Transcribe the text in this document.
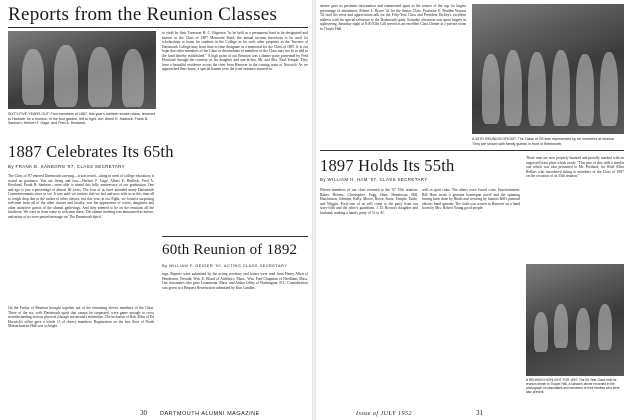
Reports from the Reunion Classes
SIXTY-FIVE YEARS OUT: Four members of 1887, this year's earliest reunion class, returned to Hanover for a reunion. In the four garden, left to right, are: Albert E. Hadlock, Frank B. Sanborn, Herbert F. Gage, and Fred A. Howland.
1887 Celebrates Its 65th
By FRANK B. SANBORN '87, CLASS SECRETARY

The Class of '87 entered Dartmouth carrying—it was noted—along in need of college education; it sound no guidance. You are living and four—Herbert F. Gage, Albert E. Hadlock, Fred A. Howland, Frank B. Sanborn—were able to attend this fully anniversary of our graduation. One and ago is just a percentage of almost 60 years. The four of us have attended many Dartmouth Commencements since in vet. It was until we confess that we had and now with us at this time all to weigh drop due to the racket of other classes, but this year, at our Eight, we found a surprising welcome from all of the other classes and faculty, was the appearance of wives, daughters and other attractive guests of the alumni gatherings. And they seemed to be on the reunions all the luncheon. We were in from some to welcome these. The alumni meeting was announced as before, and many of us were passed message on 'The Dartmouth Spirit.'

to yield by their Treasurer H. C. Edgerton "to be held as a permanent fund to be designated and known as the Class of 1887 Memorial Fund, the annual income therefrom to be used for scholarships or loans for students in the College as for such other purposes as the Trustees of Dartmouth College may from time to time designate as a memorial for the Class of 1887. It is our hope that other members of the Class or descendants of members of the Class may see fit to add to the fund thereby established." A high point of our Reunion was a dinner party presented by Fred Howland through the courtesy of his daughter and son-in-law, Mr. and Mrs. Paul Temple. They have a beautiful residence across the river from Hanover in the coming town of Norwich. As we approached their home, a special banner over the front entrance assured us.

60th Reunion of 1892
By WILLIAM F. GEIGER '92, ACTING CLASS SECRETARY

On the Friday of Reunion brought together not of the remaining eleven members of the Class. Three of the six, with Dartmouth spirit that cannot be surpassed, were game enough to cross notwithstanding serious physical (though not mental) infirmities. The inclusion of Rob Allen of Ed Horwick's office gave a whole 15 of cheery members. Registration on the first floor of North Massachusetts Hall was so bright.

ings. Reports were submitted by the acting secretary and letters were read from Henry Allen of Henderson, Nevada, Wm. E. Blood of Attleboro, Mass., Wm. Fred Chapman of Needham, Mass. Our classmates who gave Leominster, Mass. and Arthur Libby of Washington, D.C. Consideration was given to a Bequest Benefaction submitted by Kon Candler.

30 DARTMOUTH ALUMNI MAGAZINE

nessee gave us pertinent information and commented upon as the winner of the cup for largest percentage of attendance, Robert L. Bruce '42 for the Senior Class. Professor E. Bradlee Watson '02 read his verse and appreciation talk for the Fifty-Year Class and President Dickey's excellent address with his special reference to the Dartmouth spirit. Saturday afternoon was spent largely in sightseeing. Saturday night at 8:30 Ellis Gill served as an excellent Class Dinner in a private room in Thayer Hall.

A 45TH REUNION GROUP: The Class of '93 was represented by six members at reunion. They are shown with family guests in front of Wentworth.
1897 Holds Its 55th
By WILLIAM H. HAM '97, CLASS SECRETARY

Fifteen members of our class returned to the '97 55th reunion: Baker, Bevens, Christopher, Fogg, Ham, Henderson, Hill, Hutchinson, Johnson, Kelly, Moore, Rowe, Kunz, Temple, Tuttle, and Wiggin. Forty-one of us will come to the party from our sixty-fifth and the other's guardians. J. D. Brown's daughter and husband, making a family party of 51 to 41.

well in sport coats. The others wore Sword coats. Entertainment: Bill Ham wrote a genuine homespun novel and the spinning having been done by Hinds and weaving by famous Bill's paternal electric band spinster. The cloth was woven in Hanover on a hand loom by Mrs. Robert Young good people.

These men are now properly boasted and proudly marked with an engraved brass plate which reads: "This pair of skis with a similar one which was also presented to Mr. Portland, for Wold Allen Rollins who introduced skiing to members of the Class of 1897 on the occasion of its 55th reunion."

A REUNION HIGHLIGHT FOR 1897: The 55-Year Class held its reunion dinner in Thayer Hall, a scissors dinner recorded in the photograph of classmates and members of their families who were also present.
Issue of JULY 1952	31
